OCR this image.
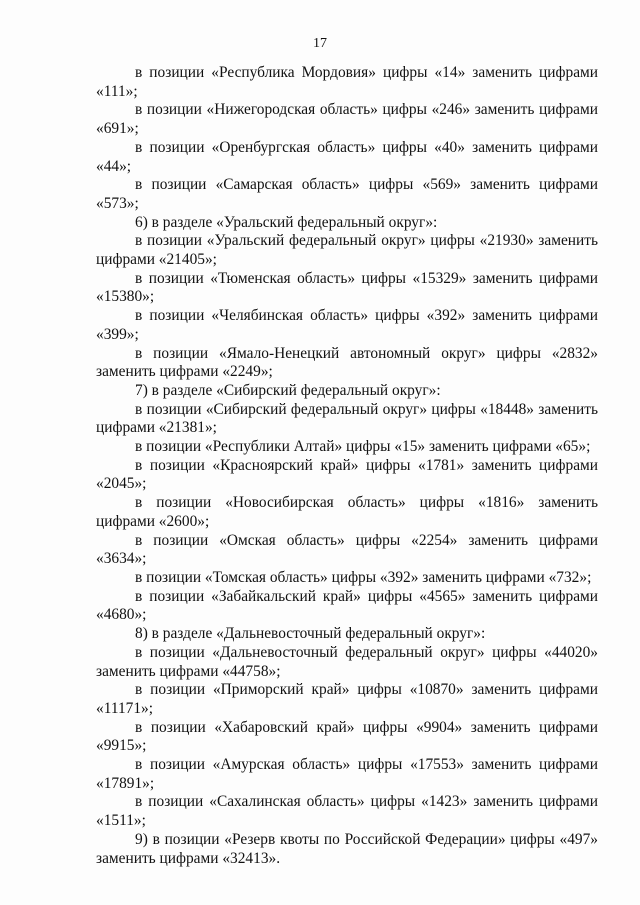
17

в позиции «Республика Мордовия» цифры «14» заменить цифрами «111»;

в позиции «Нижегородская область» цифры «246» заменить цифрами «691»;

в позиции «Оренбургская область» цифры «40» заменить цифрами «44»;

в позиции «Самарская область» цифры «569» заменить цифрами «573»;

6) в разделе «Уральский федеральный округ»:

в позиции «Уральский федеральный округ» цифры «21930» заменить цифрами «21405»;

в позиции «Тюменская область» цифры «15329» заменить цифрами «15380»;

в позиции «Челябинская область» цифры «392» заменить цифрами «399»;

в позиции «Ямало-Ненецкий автономный округ» цифры «2832» заменить цифрами «2249»;

7) в разделе «Сибирский федеральный округ»:

в позиции «Сибирский федеральный округ» цифры «18448» заменить цифрами «21381»;

в позиции «Республики Алтай» цифры «15» заменить цифрами «65»;

в позиции «Красноярский край» цифры «1781» заменить цифрами «2045»;

в позиции «Новосибирская область» цифры «1816» заменить цифрами «2600»;

в позиции «Омская область» цифры «2254» заменить цифрами «3634»;

в позиции «Томская область» цифры «392» заменить цифрами «732»;

в позиции «Забайкальский край» цифры «4565» заменить цифрами «4680»;

8) в разделе «Дальневосточный федеральный округ»:

в позиции «Дальневосточный федеральный округ» цифры «44020» заменить цифрами «44758»;

в позиции «Приморский край» цифры «10870» заменить цифрами «11171»;

в позиции «Хабаровский край» цифры «9904» заменить цифрами «9915»;

в позиции «Амурская область» цифры «17553» заменить цифрами «17891»;

в позиции «Сахалинская область» цифры «1423» заменить цифрами «1511»;

9) в позиции «Резерв квоты по Российской Федерации» цифры «497» заменить цифрами «32413».
